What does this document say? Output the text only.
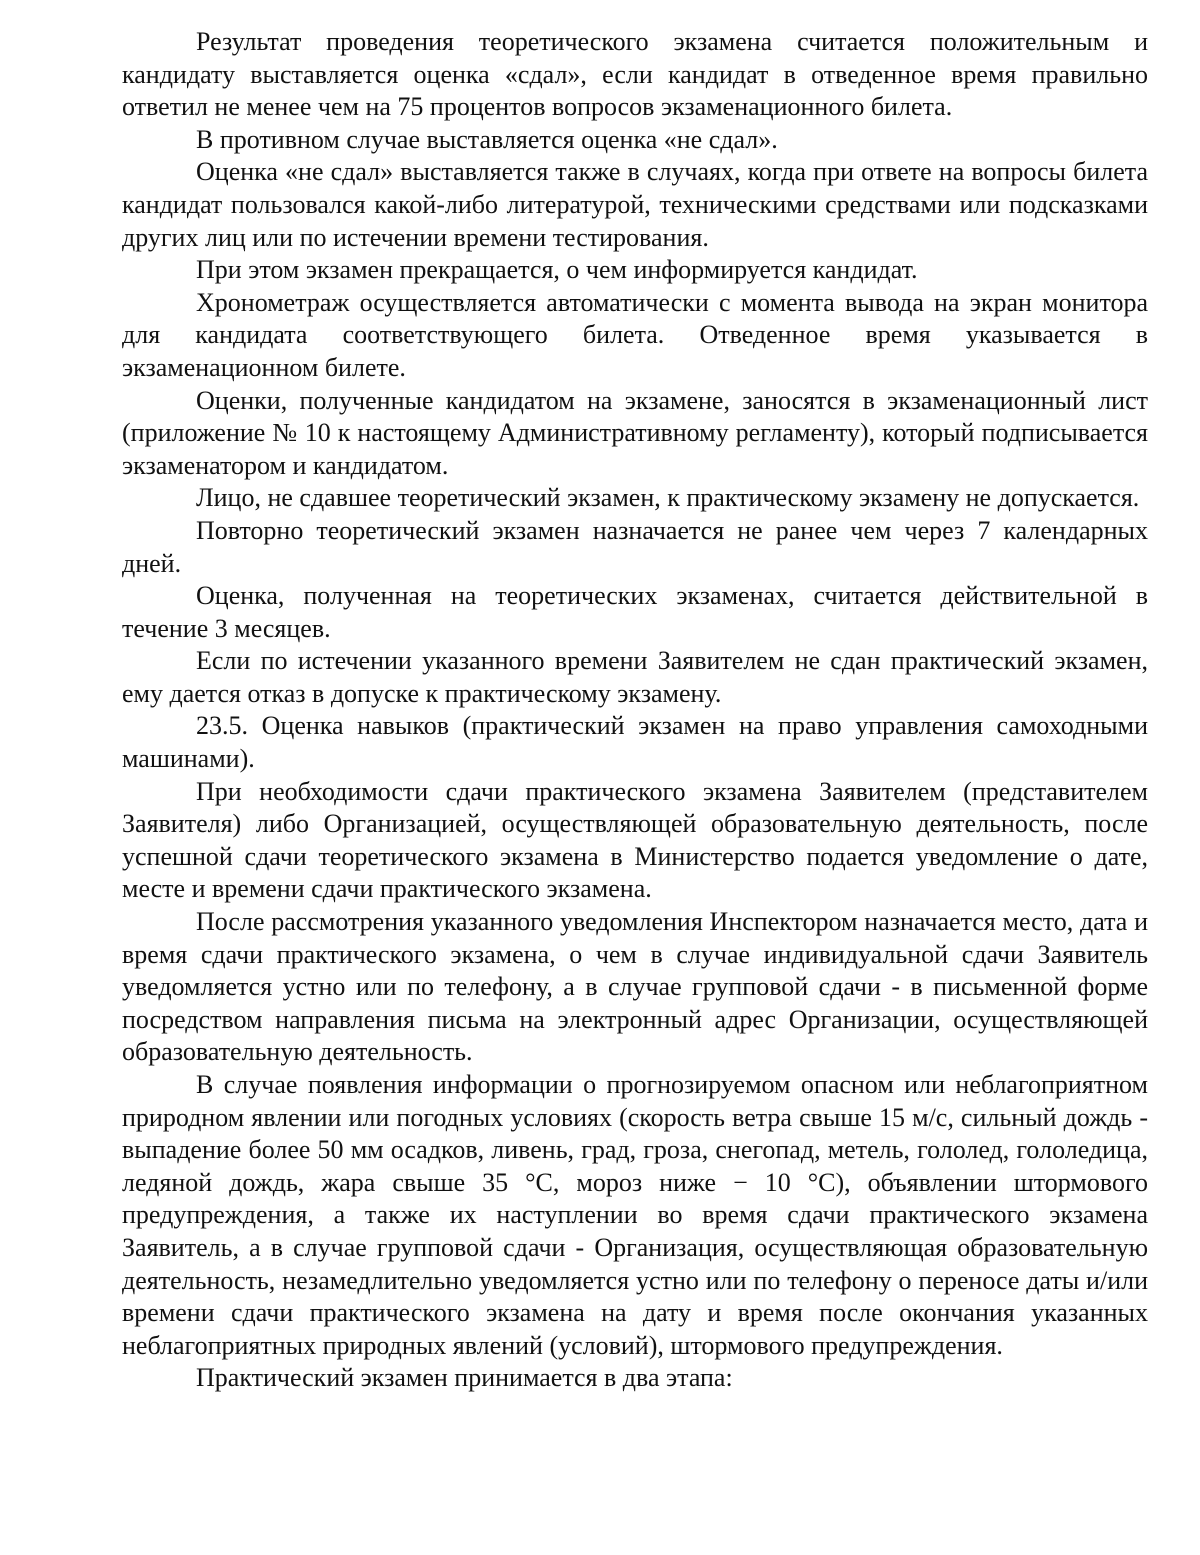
Результат проведения теоретического экзамена считается положительным и кандидату выставляется оценка «сдал», если кандидат в отведенное время правильно ответил не менее чем на 75 процентов вопросов экзаменационного билета.

В противном случае выставляется оценка «не сдал».

Оценка «не сдал» выставляется также в случаях, когда при ответе на вопросы билета кандидат пользовался какой-либо литературой, техническими средствами или подсказками других лиц или по истечении времени тестирования.

При этом экзамен прекращается, о чем информируется кандидат.

Хронометраж осуществляется автоматически с момента вывода на экран монитора для кандидата соответствующего билета. Отведенное время указывается в экзаменационном билете.

Оценки, полученные кандидатом на экзамене, заносятся в экзаменационный лист (приложение № 10 к настоящему Административному регламенту), который подписывается экзаменатором и кандидатом.

Лицо, не сдавшее теоретический экзамен, к практическому экзамену не допускается.

Повторно теоретический экзамен назначается не ранее чем через 7 календарных дней.

Оценка, полученная на теоретических экзаменах, считается действительной в течение 3 месяцев.

Если по истечении указанного времени Заявителем не сдан практический экзамен, ему дается отказ в допуске к практическому экзамену.

23.5. Оценка навыков (практический экзамен на право управления самоходными машинами).

При необходимости сдачи практического экзамена Заявителем (представителем Заявителя) либо Организацией, осуществляющей образовательную деятельность, после успешной сдачи теоретического экзамена в Министерство подается уведомление о дате, месте и времени сдачи практического экзамена.

После рассмотрения указанного уведомления Инспектором назначается место, дата и время сдачи практического экзамена, о чем в случае индивидуальной сдачи Заявитель уведомляется устно или по телефону, а в случае групповой сдачи - в письменной форме посредством направления письма на электронный адрес Организации, осуществляющей образовательную деятельность.

В случае появления информации о прогнозируемом опасном или неблагоприятном природном явлении или погодных условиях (скорость ветра свыше 15 м/с, сильный дождь - выпадение более 50 мм осадков, ливень, град, гроза, снегопад, метель, гололед, гололедица, ледяной дождь, жара свыше 35 °С, мороз ниже − 10 °С), объявлении штормового предупреждения, а также их наступлении во время сдачи практического экзамена Заявитель, а в случае групповой сдачи - Организация, осуществляющая образовательную деятельность, незамедлительно уведомляется устно или по телефону о переносе даты и/или времени сдачи практического экзамена на дату и время после окончания указанных неблагоприятных природных явлений (условий), штормового предупреждения.

Практический экзамен принимается в два этапа:
